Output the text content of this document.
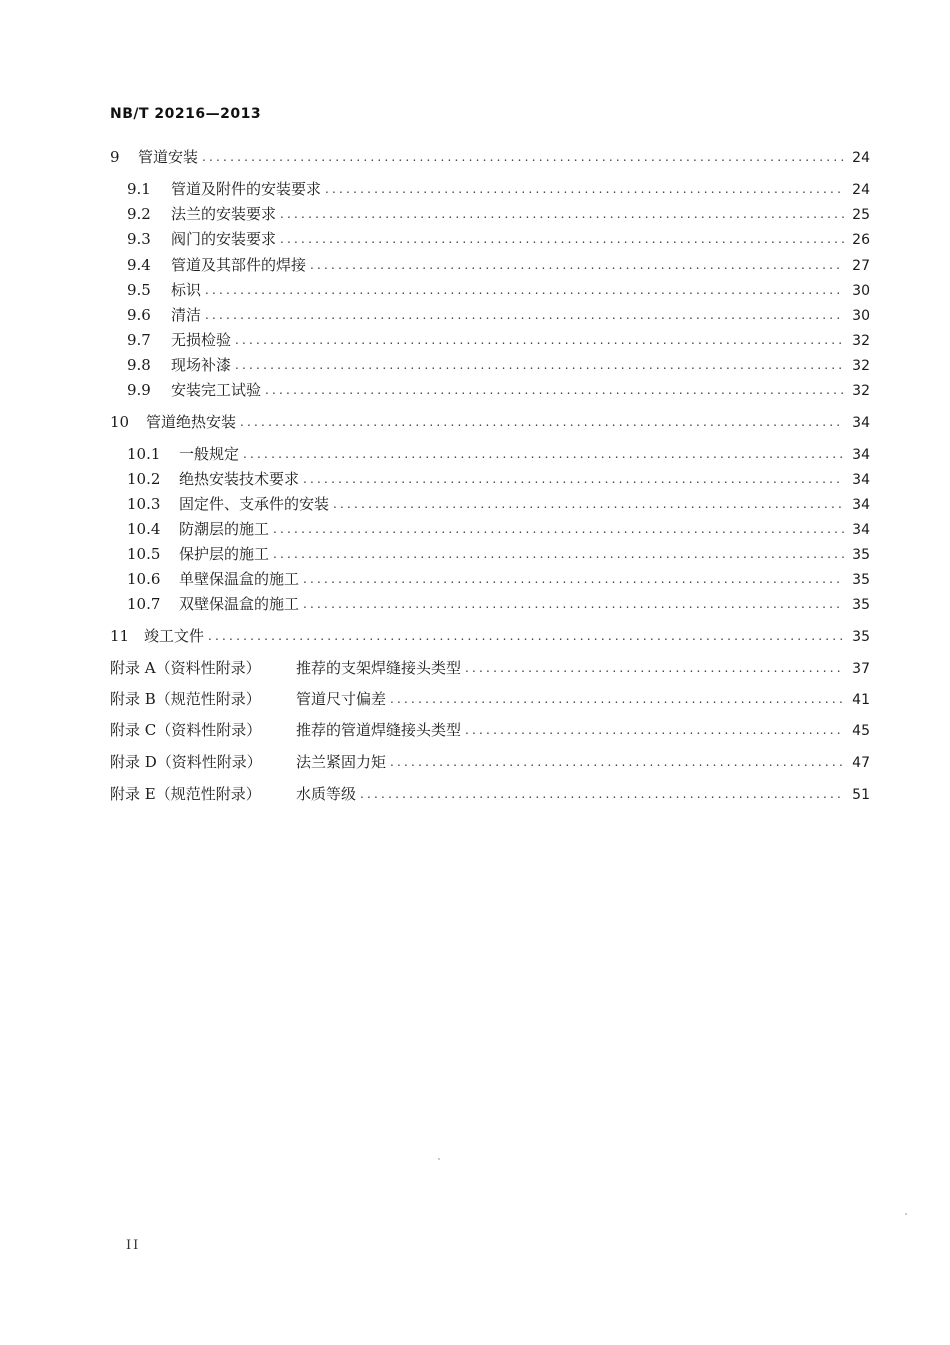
NB/T 20216—2013
9	管道安装 .....	24
9.1	管道及附件的安装要求 .....	24
9.2	法兰的安装要求 .....	25
9.3	阀门的安装要求 .....	26
9.4	管道及其部件的焊接 .....	27
9.5	标识 .....	30
9.6	清洁 .....	30
9.7	无损检验 .....	32
9.8	现场补漆 .....	32
9.9	安装完工试验 .....	32
10	管道绝热安装 .....	34
10.1	一般规定 .....	34
10.2	绝热安装技术要求 .....	34
10.3	固定件、支承件的安装 .....	34
10.4	防潮层的施工 .....	34
10.5	保护层的施工 .....	35
10.6	单壁保温盒的施工 .....	35
10.7	双壁保温盒的施工 .....	35
11 竣工文件 .....	35
附录 A（资料性附录）	推荐的支架焊缝接头类型 .....	37
附录 B（规范性附录）	管道尺寸偏差 .....	41
附录 C（资料性附录）	推荐的管道焊缝接头类型 .....	45
附录 D（资料性附录）	法兰紧固力矩 .....	47
附录 E（规范性附录）	水质等级 .....	51
II
